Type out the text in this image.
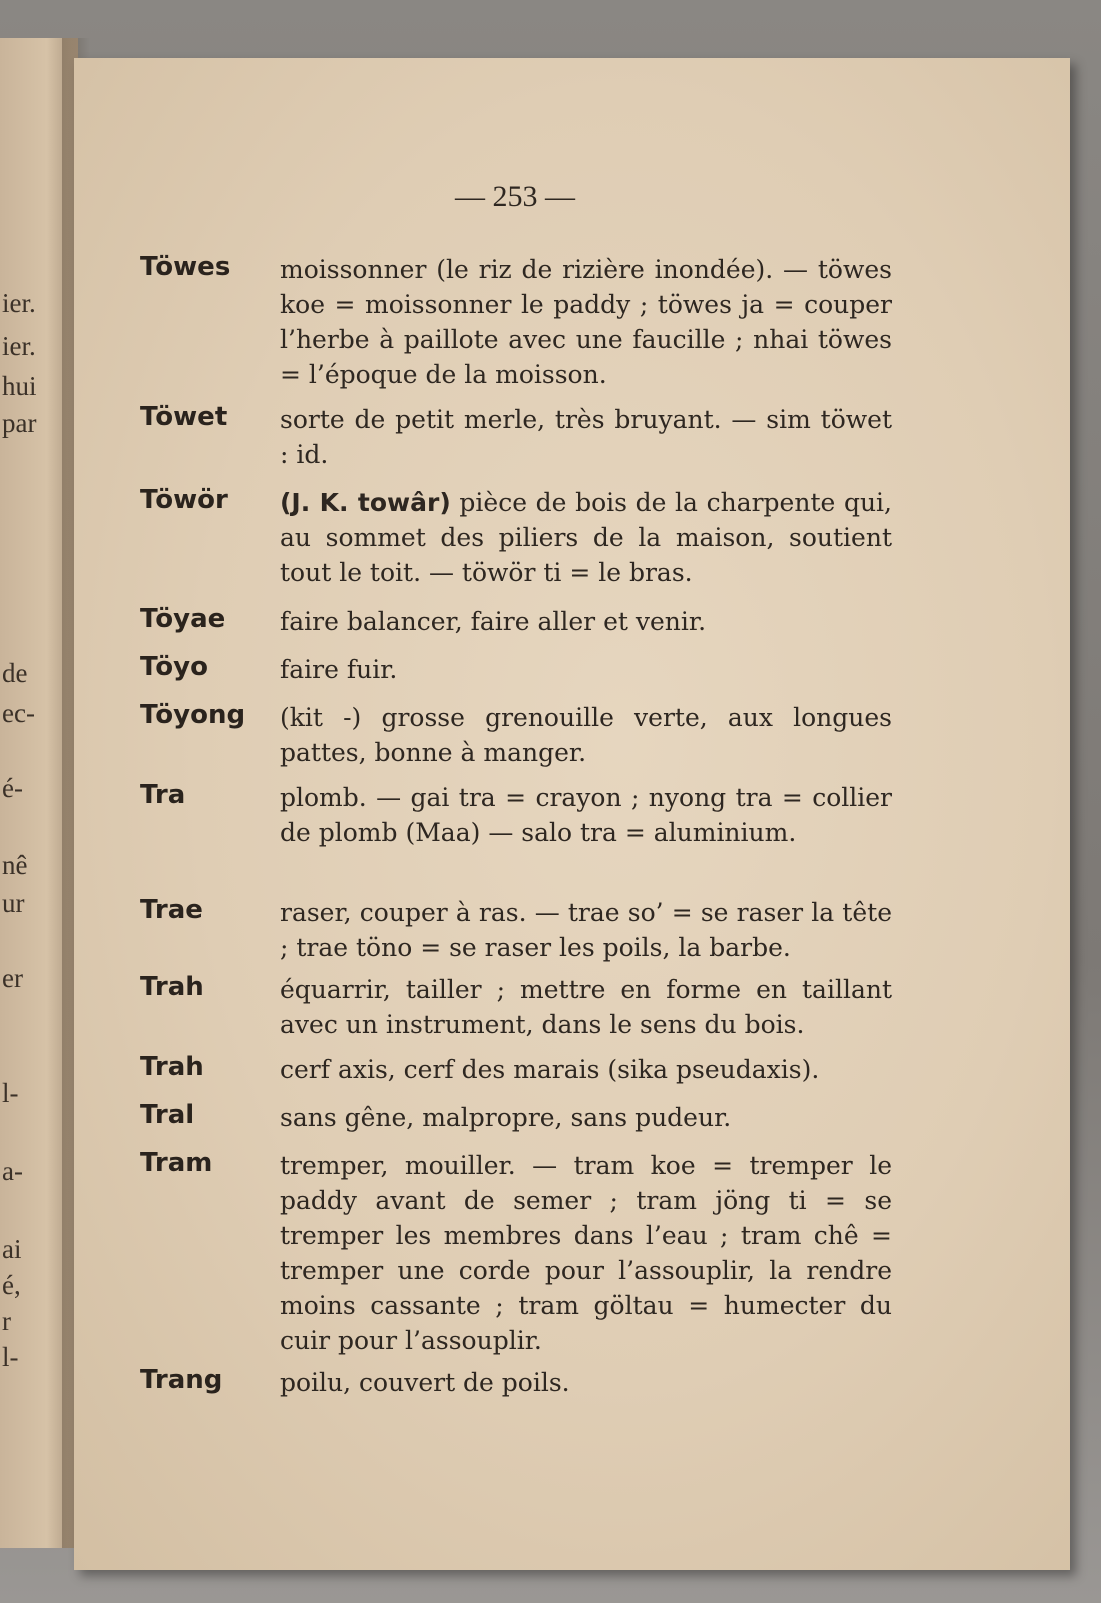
ier.
ier.
hui
par
de
ec-
é-
nê
ur
er
l-
a-
ai
é,
r
l-
— 253 —
Töwes moissonner (le riz de rizière inondée). — töwes koe = moissonner le paddy ; töwes ja = couper l’herbe à paillote avec une faucille ; nhai töwes = l’époque de la moisson.
Töwet sorte de petit merle, très bruyant. — sim töwet : id.
Töwör (J. K. towâr) pièce de bois de la charpente qui, au sommet des piliers de la maison, soutient tout le toit. — töwör ti = le bras.
Töyae faire balancer, faire aller et venir.
Töyo	faire fuir.
Töyong (kit -) grosse grenouille verte, aux longues pattes, bonne à manger.
Tra	plomb. — gai tra = crayon ; nyong tra = collier de plomb (Maa) — salo tra = aluminium.
Trae	raser, couper à ras. — trae so’ = se raser la tête ; trae töno = se raser les poils, la barbe.
Trah	équarrir, tailler ; mettre en forme en taillant avec un instrument, dans le sens du bois.
Trah	cerf axis, cerf des marais (sika pseudaxis).
Tral	sans gêne, malpropre, sans pudeur.
Tram	tremper, mouiller. — tram koe = tremper le paddy avant de semer ; tram jöng ti = se tremper les membres dans l’eau ; tram chê = tremper une corde pour l’assouplir, la rendre moins cassante ; tram göltau = humecter du cuir pour l’assouplir.
Trang poilu, couvert de poils.
